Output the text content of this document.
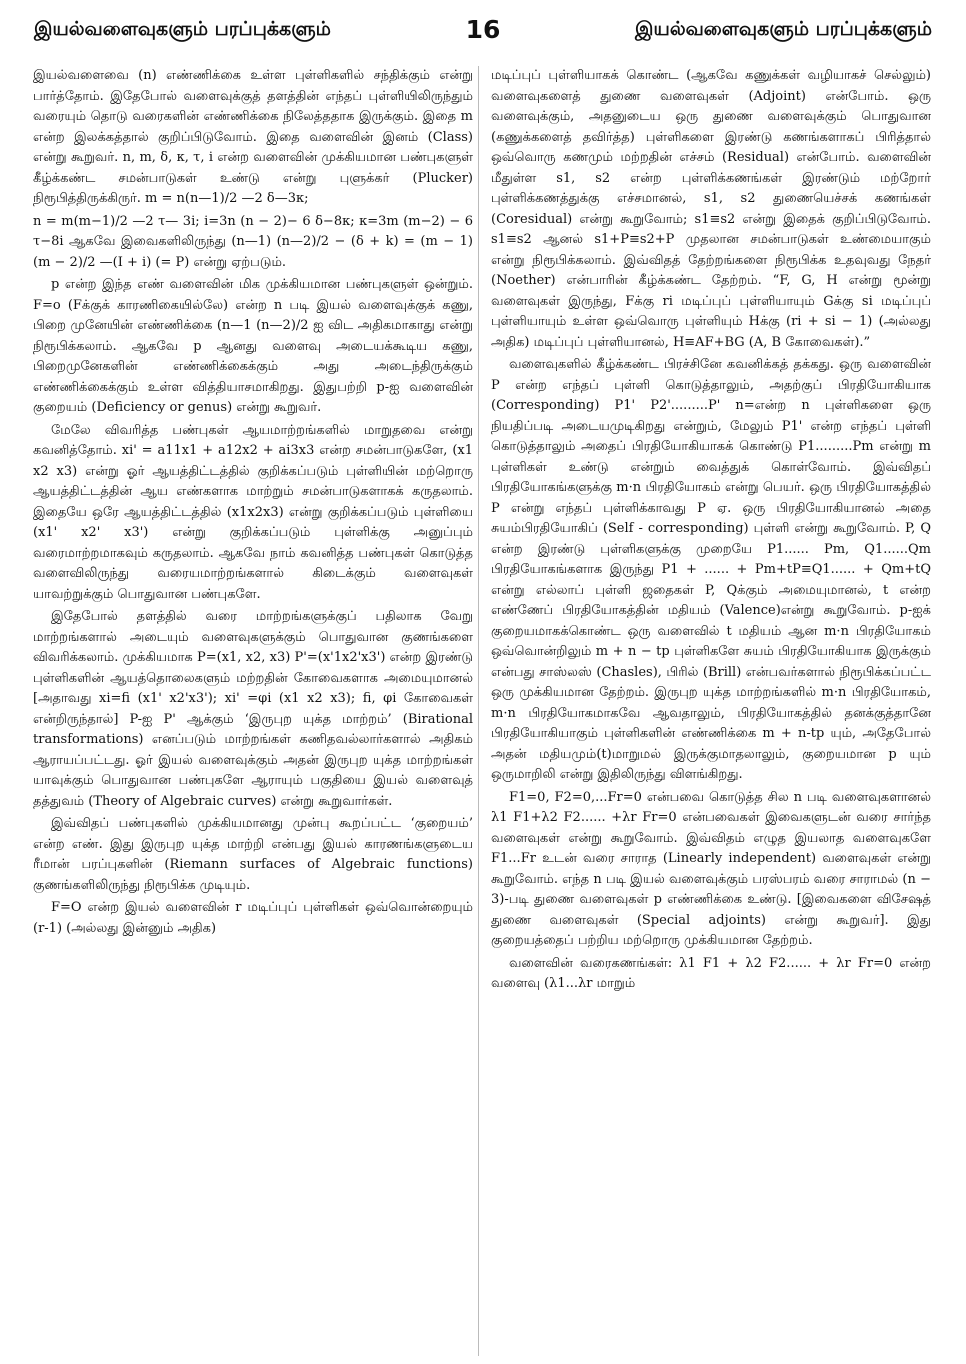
இயல்வளைவுகளும் பரப்புக்களும்	16	இயல்வளைவுகளும் பரப்புக்களும்

இயல்வளைவை (n) எண்ணிக்கை உள்ள புள்ளிகளில் சந்திக்கும் என்று பார்த்தோம். இதேபோல் வளைவுக்குத் தளத்தின் எந்தப் புள்ளியிலிருந்தும் வரையும் தொடு வரைகளின் எண்ணிக்கை நிலேத்ததாக இருக்கும். இதை m என்ற இலக்கத்தால் குறிப்பிடுவோம். இதை வளைவின் இனம் (Class) என்று கூறுவர். n, m, δ, κ, τ, i என்ற வளைவின் முக்கியமான பண்புகளுள் கீழ்க்கண்ட சமன்பாடுகள் உண்டு என்று புளுக்கர் (Plucker) நிரூபித்திருக்கிருர். m = n(n—1)/2 —2 δ—3κ;

n = m(m−1)/2 —2 τ— 3i; i=3n (n − 2)− 6 δ−8κ; κ=3m (m−2) − 6 τ−8i ஆகவே இவைகளிலிருந்து (n—1) (n—2)/2 − (δ + k) = (m − 1) (m − 2)/2 —(I + i) (= P) என்று ஏற்படும்.

p என்ற இந்த எண் வளைவின் மிக முக்கியமான பண்புகளுள் ஒன்றும். F=o (Fக்குக் காரணிகையில்லே) என்ற n படி இயல் வளைவுக்குக் கணு, பிறை முனேயின் எண்ணிக்கை (n—1 (n—2)/2 ஐ விட அதிகமாகாது என்று நிரூபிக்கலாம். ஆகவே p ஆனது வளைவு அடையக்கூடிய கணு, பிறைமுனேகளின் எண்ணிக்கைக்கும் அது அடைந்திருக்கும் எண்ணிக்கைக்கும் உள்ள வித்தியாசமாகிறது. இதுபற்றி p-ஐ வளைவின் குறையம் (Deficiency or genus) என்று கூறுவர்.

மேலே விவரித்த பண்புகள் ஆயமாற்றங்களில் மாறுதவை என்று கவனித்தோம். xi' = a11x1 + a12x2 + ai3x3 என்ற சமன்பாடுகளே, (x1 x2 x3) என்று ஓர் ஆயத்திட்டத்தில் குறிக்கப்படும் புள்ளியின் மற்றொரு ஆயத்திட்டத்தின் ஆய எண்களாக மாற்றும் சமன்பாடுகளாகக் கருதலாம். இதையே ஒரே ஆயத்திட்டத்தில் (x1x2x3) என்று குறிக்கப்படும் புள்ளியை (x1' x2' x3') என்று குறிக்கப்படும் புள்ளிக்கு அனுப்பும் வரைமாற்றமாகவும் கருதலாம். ஆகவே நாம் கவனித்த பண்புகள் கொடுத்த வளைவிலிருந்து வரையமாற்றங்களால் கிடைக்கும் வளைவுகள் யாவற்றுக்கும் பொதுவான பண்புகளே.

இதேபோல் தளத்தில் வரை மாற்றங்களுக்குப் பதிலாக வேறு மாற்றங்களால் அடையும் வளைவுகளுக்கும் பொதுவான குணங்களை விவரிக்கலாம். முக்கியமாக P=(x1, x2, x3) P'=(x'1x2'x3') என்ற இரண்டு புள்ளிகளின் ஆயத்தொலைகளும் மற்றதின் கோவைகளாக அமையுமானல் [அதாவது xi=fi (x1' x2'x3'); xi' =φi (x1 x2 x3); fi, φi கோவைகள் என்றிருந்தால்] P-ஐ P' ஆக்கும் ‘இருபுற யுக்த மாற்றம்’ (Birational transformations) எனப்படும் மாற்றங்கள் கணிதவல்லார்களால் அதிகம் ஆராயப்பட்டது. ஓர் இயல் வளைவுக்கும் அதன் இருபுற யுக்த மாற்றங்கள் யாவுக்கும் பொதுவான பண்புகளே ஆராயும் பகுதியை இயல் வளைவுத் தத்துவம் (Theory of Algebraic curves) என்று கூறுவார்கள்.

இவ்விதப் பண்புகளில் முக்கியமானது முன்பு கூறப்பட்ட ‘குறையம்’ என்ற எண். இது இருபுற யுக்த மாற்றி என்பது இயல் காரணங்களுடைய ரீமான் பரப்புகளின் (Riemann surfaces of Algebraic functions) குணங்களிலிருந்து நிரூபிக்க முடியும்.

F=O என்ற இயல் வளைவின் r மடிப்புப் புள்ளிகள் ஒவ்வொன்றையும் (r-1) (அல்லது இன்னும் அதிக)

மடிப்புப் புள்ளியாகக் கொண்ட (ஆகவே கணுக்கள் வழியாகச் செல்லும்) வளைவுகளைத் துணை வளைவுகள் (Adjoint) என்போம். ஒரு வளைவுக்கும், அதனுடைய ஒரு துணை வளைவுக்கும் பொதுவான (கணுக்களைத் தவிர்த்த) புள்ளிகளை இரண்டு கணங்களாகப் பிரித்தால் ஒவ்வொரு கணமும் மற்றதின் எச்சம் (Residual) என்போம். வளைவின் மீதுள்ள s1, s2 என்ற புள்ளிக்கணங்கள் இரண்டும் மற்றோர் புள்ளிக்கணத்துக்கு எச்சமானல், s1, s2 துணையெச்சக் கணங்கள் (Coresidual) என்று கூறுவோம்; s1≡s2 என்று இதைக் குறிப்பிடுவோம். s1≡s2 ஆனல் s1+P≡s2+P முதலான சமன்பாடுகள் உண்மையாகும் என்று நிரூபிக்கலாம். இவ்விதத் தேற்றங்களை நிரூபிக்க உதவுவது நேதர் (Noether) என்பாரின் கீழ்க்கண்ட தேற்றம். “F, G, H என்று மூன்று வளைவுகள் இருந்து, Fக்கு ri மடிப்புப் புள்ளியாயும் Gக்கு si மடிப்புப் புள்ளியாயும் உள்ள ஒவ்வொரு புள்ளியும் Hக்கு (ri + si − 1) (அல்லது அதிக) மடிப்புப் புள்ளியானல், H≡AF+BG (A, B கோவைகள்).”

வளைவுகளில் கீழ்க்கண்ட பிரச்சினே கவனிக்கத் தக்கது. ஒரு வளைவின் P என்ற எந்தப் புள்ளி கொடுத்தாலும், அதற்குப் பிரதியோகியாக (Corresponding) P1' P2'.........P' n=என்ற n புள்ளிகளை ஒரு நியதிப்படி அடையமுடிகிறது என்றும், மேலும் P1' என்ற எந்தப் புள்ளி கொடுத்தாலும் அதைப் பிரதியோகியாகக் கொண்டு P1.........Pm என்று m புள்ளிகள் உண்டு என்றும் வைத்துக் கொள்வோம். இவ்விதப் பிரதியோகங்களுக்கு m·n பிரதியோகம் என்று பெயர். ஒரு பிரதியோகத்தில் P என்று எந்தப் புள்ளிக்காவது P ஏ. ஒரு பிரதியோகியானல் அதை சுயம்பிரதியோகிப் (Self - corresponding) புள்ளி என்று கூறுவோம். P, Q என்ற இரண்டு புள்ளிகளுக்கு முறையே P1...... Pm, Q1......Qm பிரதியோகங்களாக இருந்து P1 + ...... + Pm+tP≡Q1...... + Qm+tQ என்று எல்லாப் புள்ளி ஜதைகள் P, Qக்கும் அமையுமானல், t என்ற எண்ணேப் பிரதியோகத்தின் மதியம் (Valence)என்று கூறுவோம். p-ஐக் குறையமாகக்கொண்ட ஒரு வளைவில் t மதியம் ஆன m·n பிரதியோகம் ஒவ்வொன்றிலும் m + n − tp புள்ளிகளே சுயம் பிரதியோகியாக இருக்கும் என்பது சாஸ்லஸ் (Chasles), பிரில் (Brill) என்பவர்களால் நிரூபிக்கப்பட்ட ஒரு முக்கியமான தேற்றம். இருபுற யுக்த மாற்றங்களில் m·n பிரதியோகம், m·n பிரதியோகமாகவே ஆவதாலும், பிரதியோகத்தில் தனக்குத்தானே பிரதியோகியாகும் புள்ளிகளின் எண்ணிக்கை m + n-tp யும், அதேபோல் அதன் மதியமும்(t)மாறுமல் இருக்குமாதலாலும், குறையமான p யும் ஒருமாறிலி என்று இதிலிருந்து விளங்கிறது.

F1=0, F2=0,...Fr=0 என்பவை கொடுத்த சில n படி வளைவுகளானல் λ1 F1+λ2 F2...... +λr Fr=0 என்பவைகள் இவைகளுடன் வரை சார்ந்த வளைவுகள் என்று கூறுவோம். இவ்விதம் எழுத இயலாத வளைவுகளே F1...Fr உடன் வரை சாராத (Linearly independent) வளைவுகள் என்று கூறுவோம். எந்த n படி இயல் வளைவுக்கும் பரஸ்பரம் வரை சாராமல் (n − 3)-படி துணை வளைவுகள் p எண்ணிக்கை உண்டு. [இவைகளை விசேஷத் துணை வளைவுகள் (Special adjoints) என்று கூறுவர்]. இது குறையத்தைப் பற்றிய மற்றொரு முக்கியமான தேற்றம்.

வளைவின் வரைகணங்கள்: λ1 F1 + λ2 F2...... + λr Fr=0 என்ற வளைவு (λ1...λr மாறும்
